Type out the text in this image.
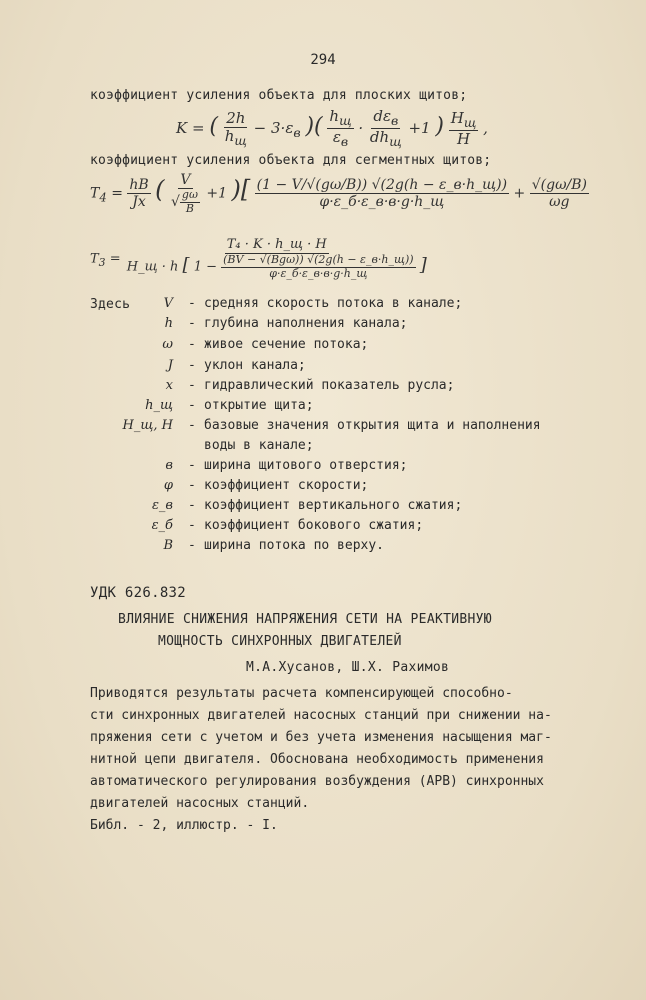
294
коэффициент усиления объекта для плоских щитов;
K = ( $\frac{2h}{h_щ} - 3\cdot\varepsilon_в$ )( $\frac{h_щ}{\varepsilon_в} \cdot \frac{d\varepsilon_в}{dh_щ} +1$ ) $\frac{H_щ}{H}$ ,
коэффициент усиления объекта для сегментных щитов;
$T_4 = \frac{hB}{Jx}$ ( $\frac{V}{√ \frac{g\omega}{B}} +1$ )[ $\frac{(1 - V/√(g\omega/B)) √(2g(h - \varepsilon\_в\cdot h\_щ))}{\varphi\cdot\varepsilon\_б\cdot\varepsilon\_в\cdot в\cdot g\cdot h\_щ} + \frac{√(g\omega/B)}{\omega g}$
$T_3$ =
T₄ · K · h_щ · H
H_щ · h [ $1 - \frac{\text{(BV − √(Bgω)) √(2g(h − ε\_в·h\_щ))}}{\varphi\cdot\varepsilon\_б\cdot\varepsilon\_в\cdot в\cdot g\cdot h\_щ}$ ]
Здесь	V - средняя скорость потока в канале;
h - глубина наполнения канала;
ω - живое сечение потока;
J - уклон канала;
x - гидравлический показатель русла;
h_щ - открытие щита;
H_щ, H - базовые значения открытия щита и наполнения
воды в канале;
в - ширина щитового отверстия;
φ - коэффициент скорости;
ε_в - коэффициент вертикального сжатия;
ε_б - коэффициент бокового сжатия;
B - ширина потока по верху.
УДК 626.832
ВЛИЯНИЕ СНИЖЕНИЯ НАПРЯЖЕНИЯ СЕТИ НА РЕАКТИВНУЮ
МОЩНОСТЬ СИНХРОННЫХ ДВИГАТЕЛЕЙ
М.А.Хусанов, Ш.Х. Рахимов
Приводятся результаты расчета компенсирующей способно-
сти синхронных двигателей насосных станций при снижении на-
пряжения сети с учетом и без учета изменения насыщения маг-
нитной цепи двигателя. Обоснована необходимость применения
автоматического регулирования возбуждения (АРВ) синхронных
двигателей насосных станций.
Библ. - 2, иллюстр. - I.
